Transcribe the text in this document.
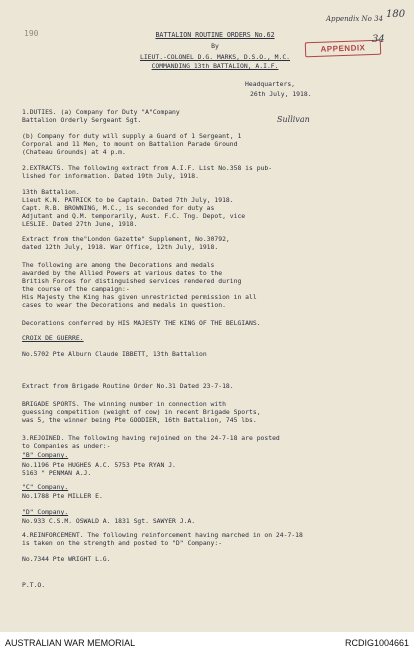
Appendix No 34 180
190
APPENDIX
34
BATTALION ROUTINE ORDERS No.62
By
LIEUT.-COLONEL D.G. MARKS, D.S.O., M.C.
COMMANDING 13th BATTALION, A.I.F.
Headquarters,
26th July, 1918.
1.DUTIES. (a) Company for Duty "A"Company
Battalion Orderly Sergeant Sgt.	Sullivan
(b) Company for duty will supply a Guard of 1 Sergeant, 1
Corporal and 11 Men, to mount on Battalion Parade Ground
(Chateau Grounds) at 4 p.m.
2.EXTRACTS. The following extract from A.I.F. List No.358 is pub-
lished for information. Dated 19th July, 1918.
13th Battalion.
Lieut K.N. PATRICK to be Captain. Dated 7th July, 1918.
Capt. R.B. BROWNING, M.C., is seconded for duty as
Adjutant and Q.M. temporarily, Aust. F.C. Tng. Depot, vice
LESLIE. Dated 27th June, 1918.
Extract from the"London Gazette" Supplement, No.30792,
dated 12th July, 1918. War Office, 12th July, 1918.
The following are among the Decorations and medals
awarded by the Allied Powers at various dates to the
British Forces for distinguished services rendered during
the course of the campaign:-
His Majesty the King has given unrestricted permission in all
cases to wear the Decorations and medals in question.
Decorations conferred by HIS MAJESTY THE KING OF THE BELGIANS.
CROIX DE GUERRE.
No.5702 Pte Alburn Claude IBBETT, 13th Battalion
Extract from Brigade Routine Order No.31 Dated 23-7-18.
BRIGADE SPORTS. The winning number in connection with
guessing competition (weight of cow) in recent Brigade Sports,
was 5, the winner being Pte GOODIER, 16th Battalion, 745 lbs.
3.REJOINED. The following having rejoined on the 24-7-18 are posted
to Companies as under:-
"B" Company.
No.1196 Pte HUGHES A.C. 5753 Pte RYAN J.
5163 " PENMAN A.J.
"C" Company.
No.1788 Pte MILLER E.
"D" Company.
No.933 C.S.M. OSWALD A. 1831 Sgt. SAWYER J.A.
4.REINFORCEMENT. The following reinforcement having marched in on 24-7-18
is taken on the strength and posted to "D" Company:-
No.7344 Pte WRIGHT L.G.
P.T.O.
AUSTRALIAN WAR MEMORIAL	RCDIG1004661
